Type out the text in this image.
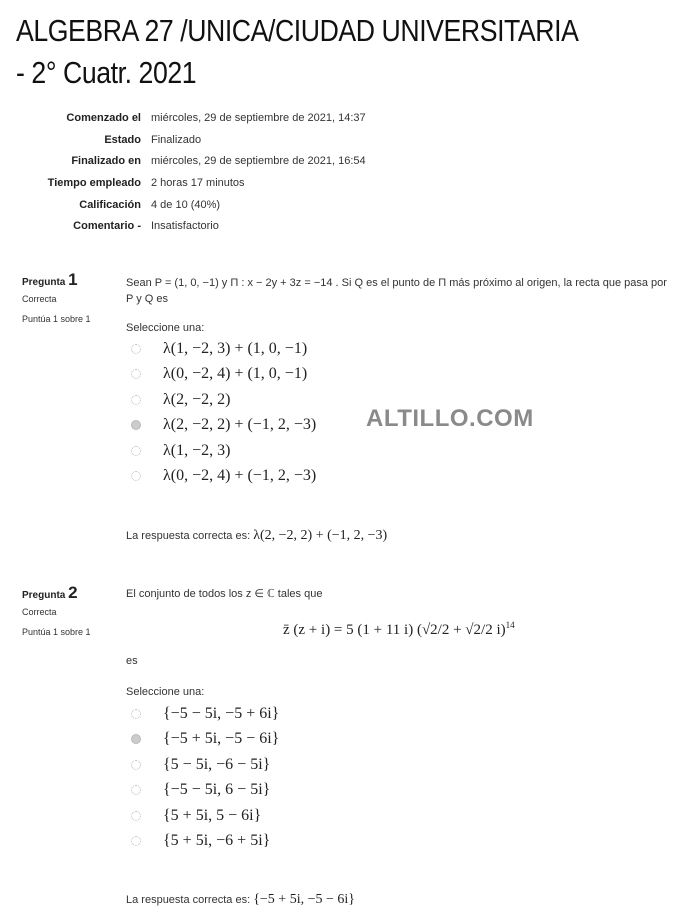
ALGEBRA 27 /UNICA/CIUDAD UNIVERSITARIA - 2° Cuatr. 2021
Comenzado el miércoles, 29 de septiembre de 2021, 14:37
Estado Finalizado
Finalizado en miércoles, 29 de septiembre de 2021, 16:54
Tiempo empleado 2 horas 17 minutos
Calificación 4 de 10 (40%)
Comentario - Insatisfactorio
Pregunta 1
Correcta
Puntúa 1 sobre 1
Sean P = (1, 0, −1) y Π : x − 2y + 3z = −14 . Si Q es el punto de Π más próximo al origen, la recta que pasa por P y Q es
Seleccione una:
λ(1, −2, 3) + (1, 0, −1)
λ(0, −2, 4) + (1, 0, −1)
λ(2, −2, 2)
λ(2, −2, 2) + (−1, 2, −3)
λ(1, −2, 3)
λ(0, −2, 4) + (−1, 2, −3)
ALTILLO.COM
La respuesta correcta es: λ(2, −2, 2) + (−1, 2, −3)
Pregunta 2
Correcta
Puntúa 1 sobre 1
El conjunto de todos los z ∈ ℂ tales que
z̄ (z + i) = 5 (1 + 11 i) (√2/2 + √2/2 i)$^{14}$
es
Seleccione una:
{−5 − 5i, −5 + 6i}
{−5 + 5i, −5 − 6i}
{5 − 5i, −6 − 5i}
{−5 − 5i, 6 − 5i}
{5 + 5i, 5 − 6i}
{5 + 5i, −6 + 5i}
La respuesta correcta es: {−5 + 5i, −5 − 6i}
